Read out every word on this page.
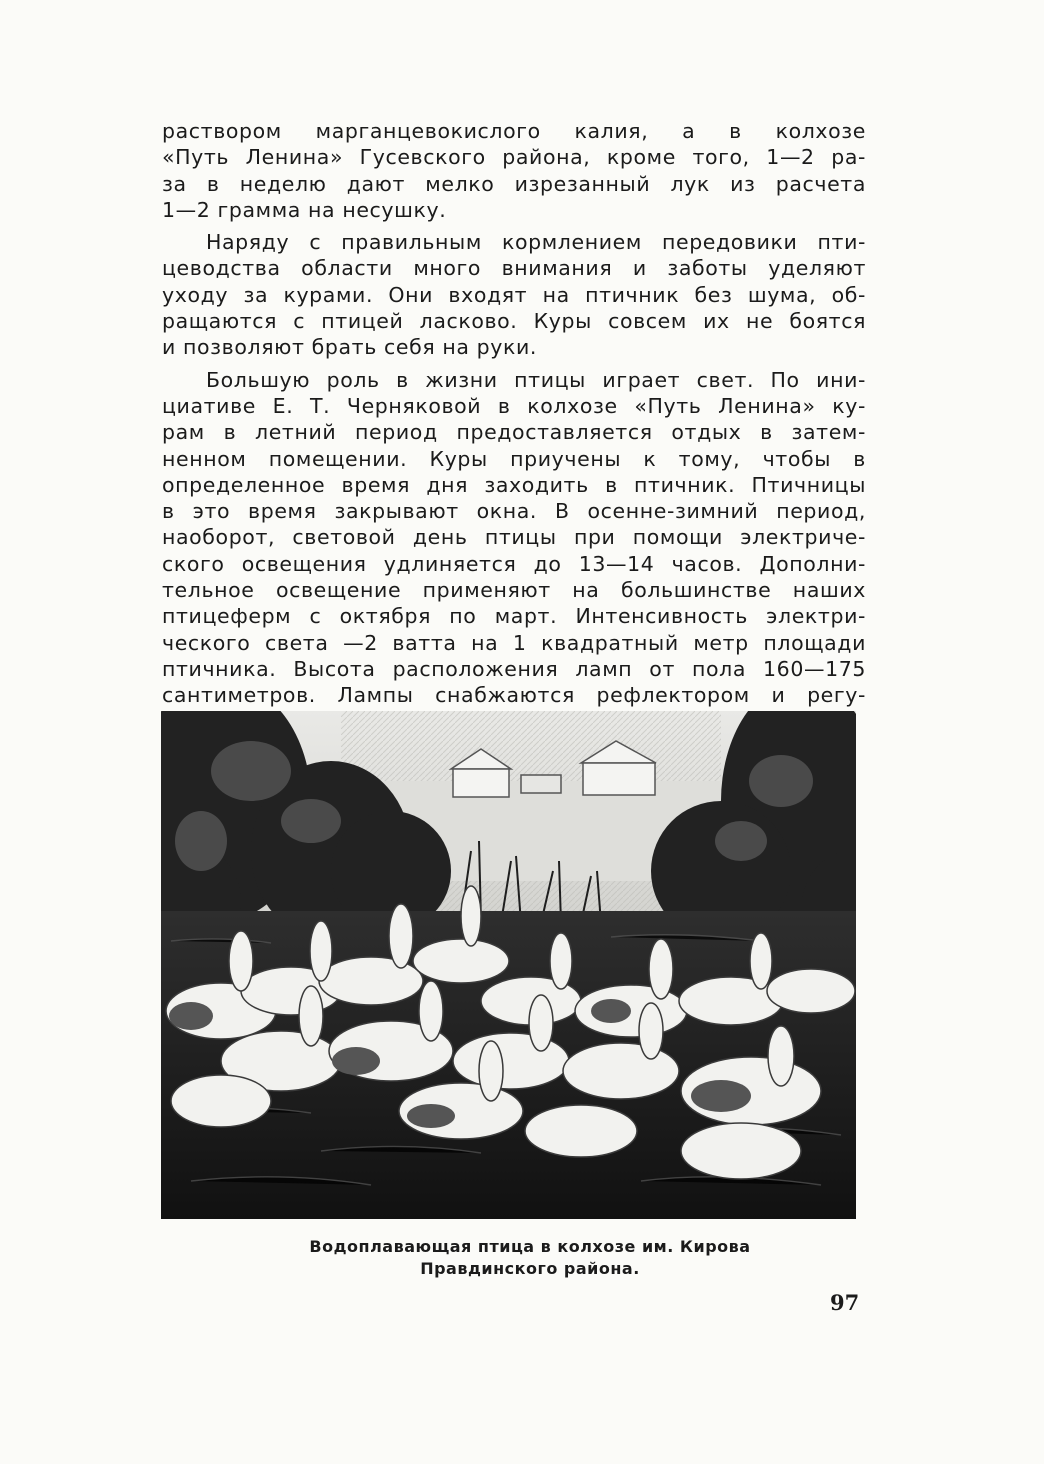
раствором марганцевокислого калия, а в колхозе
«Путь Ленина» Гусевского района, кроме того, 1—2 ра-
за в неделю дают мелко изрезанный лук из расчета
1—2 грамма на несушку.

Наряду с правильным кормлением передовики пти-
цеводства области много внимания и заботы уделяют
уходу за курами. Они входят на птичник без шума, об-
ращаются с птицей ласково. Куры совсем их не боятся
и позволяют брать себя на руки.

Большую роль в жизни птицы играет свет. По ини-
циативе Е. Т. Черняковой в колхозе «Путь Ленина» ку-
рам в летний период предоставляется отдых в затем-
ненном помещении. Куры приучены к тому, чтобы в
определенное время дня заходить в птичник. Птичницы
в это время закрывают окна. В осенне-зимний период,
наоборот, световой день птицы при помощи электриче-
ского освещения удлиняется до 13—14 часов. Дополни-
тельное освещение применяют на большинстве наших
птицеферм с октября по март. Интенсивность электри-
ческого света —2 ватта на 1 квадратный метр площади
птичника. Высота расположения ламп от пола 160—175
сантиметров. Лампы снабжаются рефлектором и регу-

Водоплавающая птица в колхозе им. Кирова
Правдинского района.
97
